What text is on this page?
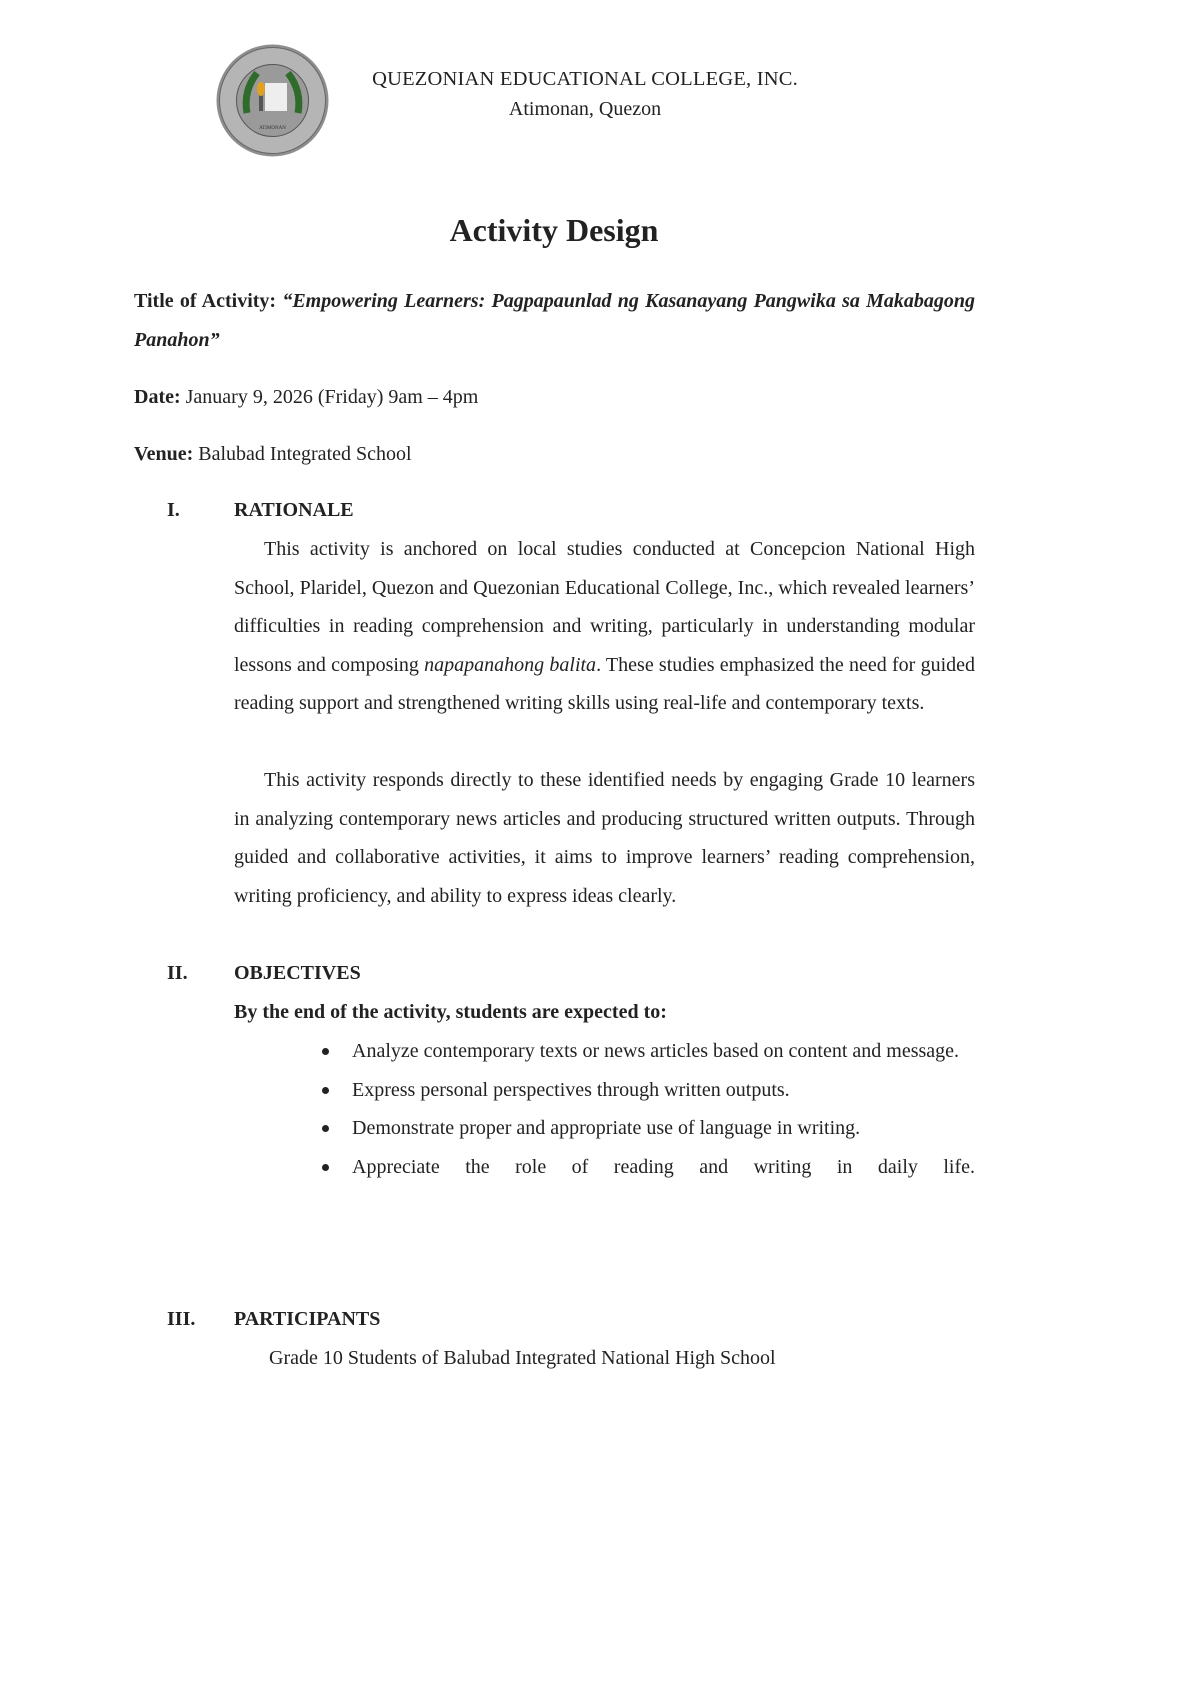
ATIMONAN
QUEZONIAN EDUCATIONAL COLLEGE, INC.
Atimonan, Quezon
Activity Design
Title of Activity: “Empowering Learners: Pagpapaunlad ng Kasanayang Pangwika sa Makabagong Panahon”
Date: January 9, 2026 (Friday) 9am – 4pm
Venue: Balubad Integrated School
I.	RATIONALE
This activity is anchored on local studies conducted at Concepcion National High School, Plaridel, Quezon and Quezonian Educational College, Inc., which revealed learners’ difficulties in reading comprehension and writing, particularly in understanding modular lessons and composing napapanahong balita. These studies emphasized the need for guided reading support and strengthened writing skills using real-life and contemporary texts.
This activity responds directly to these identified needs by engaging Grade 10 learners in analyzing contemporary news articles and producing structured written outputs. Through guided and collaborative activities, it aims to improve learners’ reading comprehension, writing proficiency, and ability to express ideas clearly.
II. OBJECTIVES
By the end of the activity, students are expected to:
Analyze contemporary texts or news articles based on content and message.
Express personal perspectives through written outputs.
Demonstrate proper and appropriate use of language in writing.
Appreciate the role of reading and writing in daily life.
III. PARTICIPANTS
Grade 10 Students of Balubad Integrated National High School
